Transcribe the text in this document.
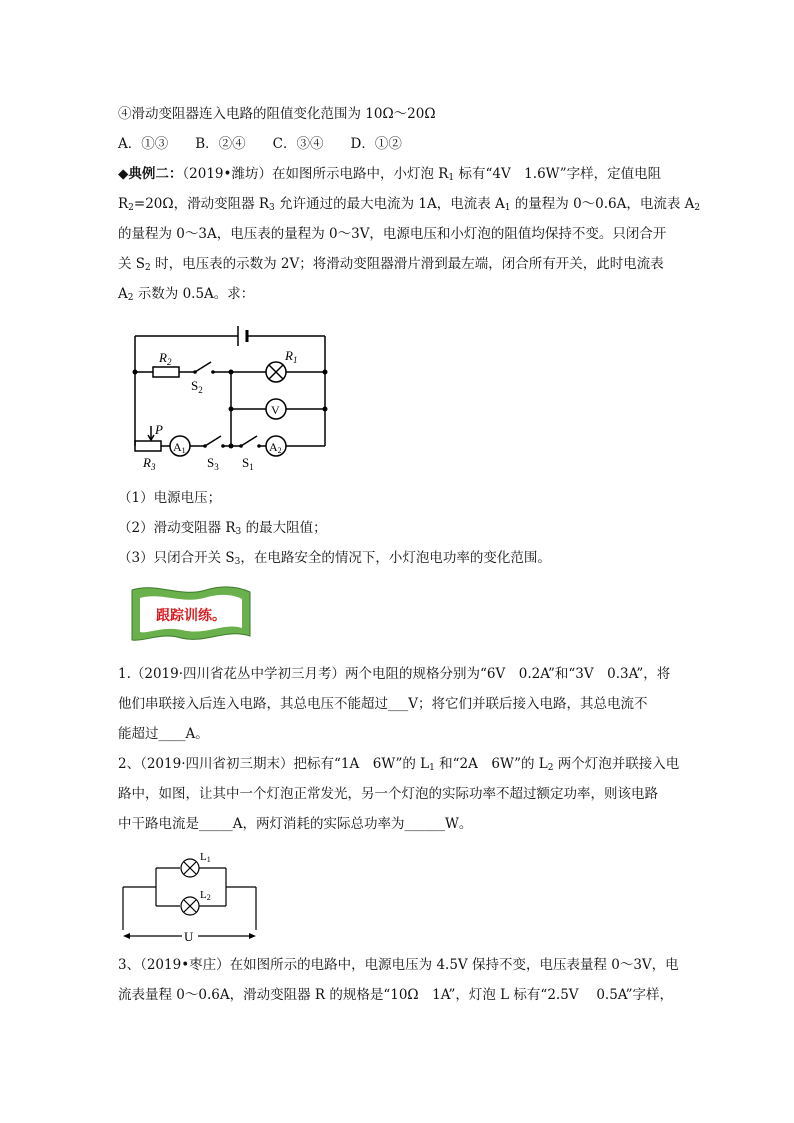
④滑动变阻器连入电路的阻值变化范围为 10Ω～20Ω
A．①③　　B．②④　　C．③④　　D．①②
◆典例二：（2019•潍坊）在如图所示电路中，小灯泡 $R_1$ 标有“4V　1.6W”字样，定值电阻
$R_2=20\Omega$，滑动变阻器 $R_3$ 允许通过的最大电流为 1A，电流表 $A_1$ 的量程为 0～0.6A，电流表 $A_2$
的量程为 0～3A，电压表的量程为 0～3V，电源电压和小灯泡的阻值均保持不变。只闭合开
关 $S_2$ 时，电压表的示数为 2V；将滑动变阻器滑片滑到最左端，闭合所有开关，此时电流表
$A_2$ 示数为 0.5A。求：
$R_2$
$S_2$
$R_1$
V
P
$R_3$
A1
$S_3$ $S_1$
A2
（1）电源电压；
（2）滑动变阻器 $R_3$ 的最大阻值；
（3）只闭合开关 $S_3$，在电路安全的情况下，小灯泡电功率的变化范围。
跟踪训练。
1.（2019·四川省花丛中学初三月考）两个电阻的规格分别为“6V　0.2A”和“3V　0.3A”，将
他们串联接入后连入电路，其总电压不能超过___V；将它们并联后接入电路，其总电流不
能超过____A。
2、（2019·四川省初三期末）把标有“1A　6W”的 $L_1$ 和“2A　6W”的 $L_2$ 两个灯泡并联接入电
路中，如图，让其中一个灯泡正常发光，另一个灯泡的实际功率不超过额定功率，则该电路
中干路电流是_____A，两灯消耗的实际总功率为______W。
L1
L2
U
3、（2019•枣庄）在如图所示的电路中，电源电压为 4.5V 保持不变，电压表量程 0～3V，电
流表量程 0～0.6A，滑动变阻器 R 的规格是“10Ω　1A”，灯泡 L 标有“2.5V　 0.5A”字样，
